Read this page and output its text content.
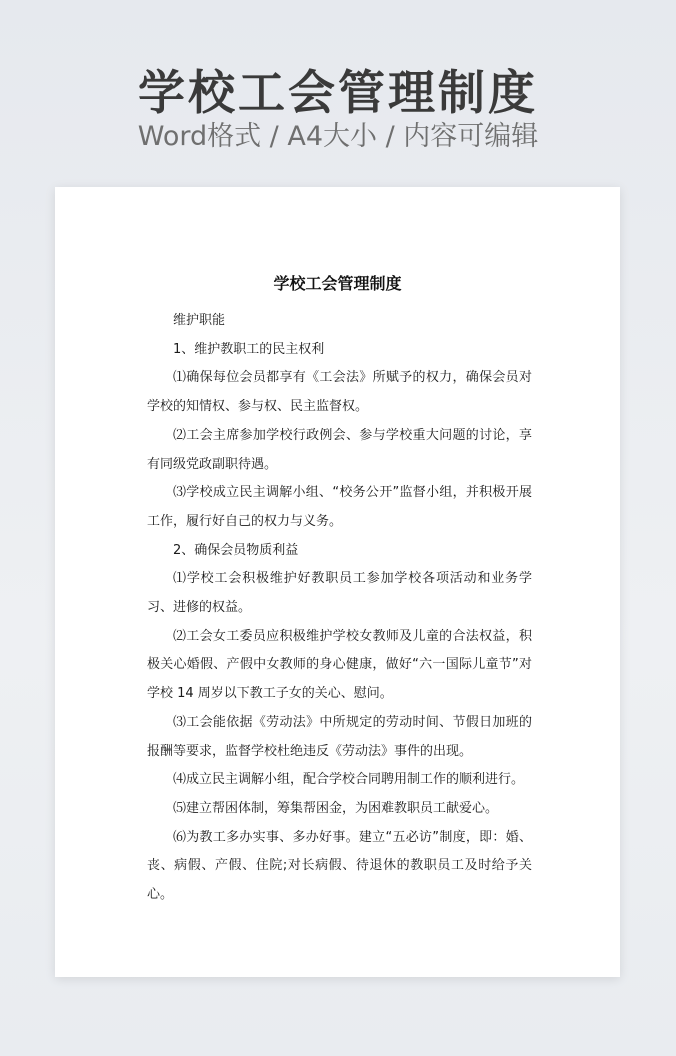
学校工会管理制度
Word格式 / A4大小 / 内容可编辑
学校工会管理制度

维护职能

1、维护教职工的民主权利

⑴确保每位会员都享有《工会法》所赋予的权力，确保会员对学校的知情权、参与权、民主监督权。

⑵工会主席参加学校行政例会、参与学校重大问题的讨论，享有同级党政副职待遇。

⑶学校成立民主调解小组、“校务公开”监督小组，并积极开展工作，履行好自己的权力与义务。

2、确保会员物质利益

⑴学校工会积极维护好教职员工参加学校各项活动和业务学习、进修的权益。

⑵工会女工委员应积极维护学校女教师及儿童的合法权益，积极关心婚假、产假中女教师的身心健康，做好“六一国际儿童节”对学校 14 周岁以下教工子女的关心、慰问。

⑶工会能依据《劳动法》中所规定的劳动时间、节假日加班的报酬等要求，监督学校杜绝违反《劳动法》事件的出现。

⑷成立民主调解小组，配合学校合同聘用制工作的顺利进行。

⑸建立帮困体制，筹集帮困金，为困难教职员工献爱心。

⑹为教工多办实事、多办好事。建立“五必访”制度，即：婚、丧、病假、产假、住院;对长病假、待退休的教职员工及时给予关心。
